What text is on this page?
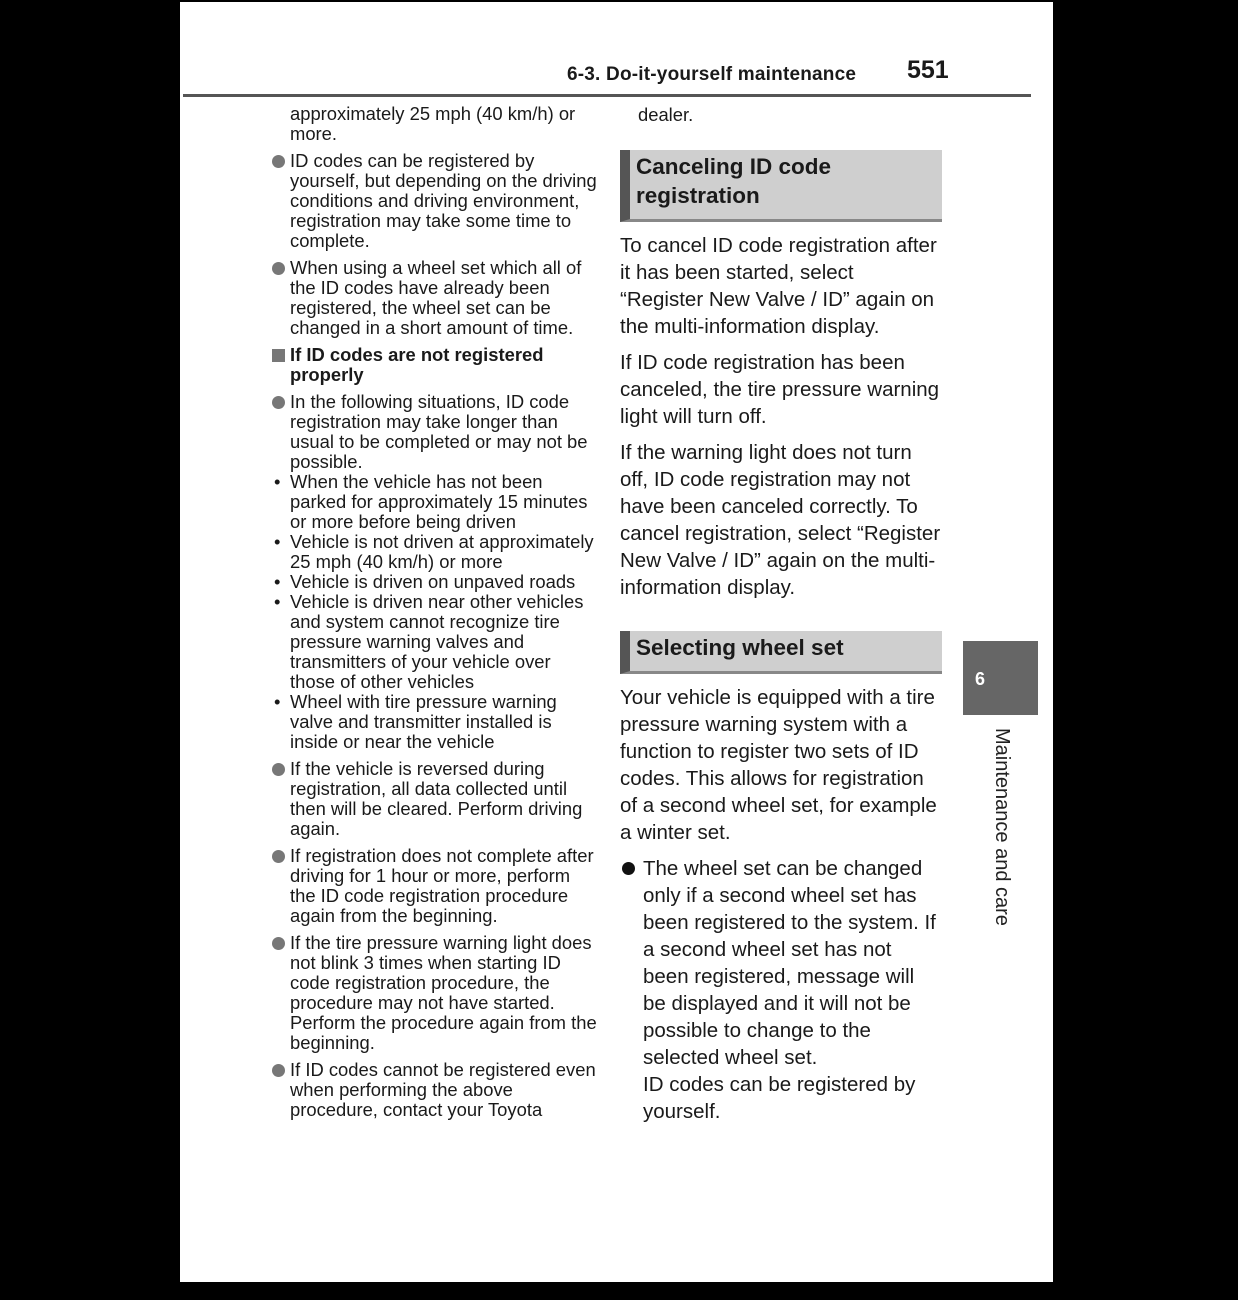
6-3. Do-it-yourself maintenance 551

approximately 25 mph (40 km/h) or more.

ID codes can be registered by yourself, but depending on the driving conditions and driving environment, registration may take some time to complete.
When using a wheel set which all of the ID codes have already been registered, the wheel set can be changed in a short amount of time.
If ID codes are not registered properly
In the following situations, ID code registration may take longer than usual to be completed or may not be possible.
• When the vehicle has not been parked for approximately 15 minutes or more before being driven
• Vehicle is not driven at approximately 25 mph (40 km/h) or more
• Vehicle is driven on unpaved roads
• Vehicle is driven near other vehicles and system cannot recognize tire pressure warning valves and transmitters of your vehicle over those of other vehicles
• Wheel with tire pressure warning valve and transmitter installed is inside or near the vehicle
If the vehicle is reversed during registration, all data collected until then will be cleared. Perform driving again.
If registration does not complete after driving for 1 hour or more, perform the ID code registration procedure again from the beginning.
If the tire pressure warning light does not blink 3 times when starting ID code registration procedure, the procedure may not have started. Perform the procedure again from the beginning.
If ID codes cannot be registered even when performing the above procedure, contact your Toyota

dealer.

Canceling ID code registration

To cancel ID code registration after it has been started, select “Register New Valve / ID” again on the multi-information display.

If ID code registration has been canceled, the tire pressure warning light will turn off.

If the warning light does not turn off, ID code registration may not have been canceled correctly. To cancel registration, select “Register New Valve / ID” again on the multi-information display.

Selecting wheel set

Your vehicle is equipped with a tire pressure warning system with a function to register two sets of ID codes. This allows for registration of a second wheel set, for example a winter set.

The wheel set can be changed only if a second wheel set has been registered to the system. If a second wheel set has not been registered, message will be displayed and it will not be possible to change to the selected wheel set.
ID codes can be registered by yourself.
6
Maintenance and care
